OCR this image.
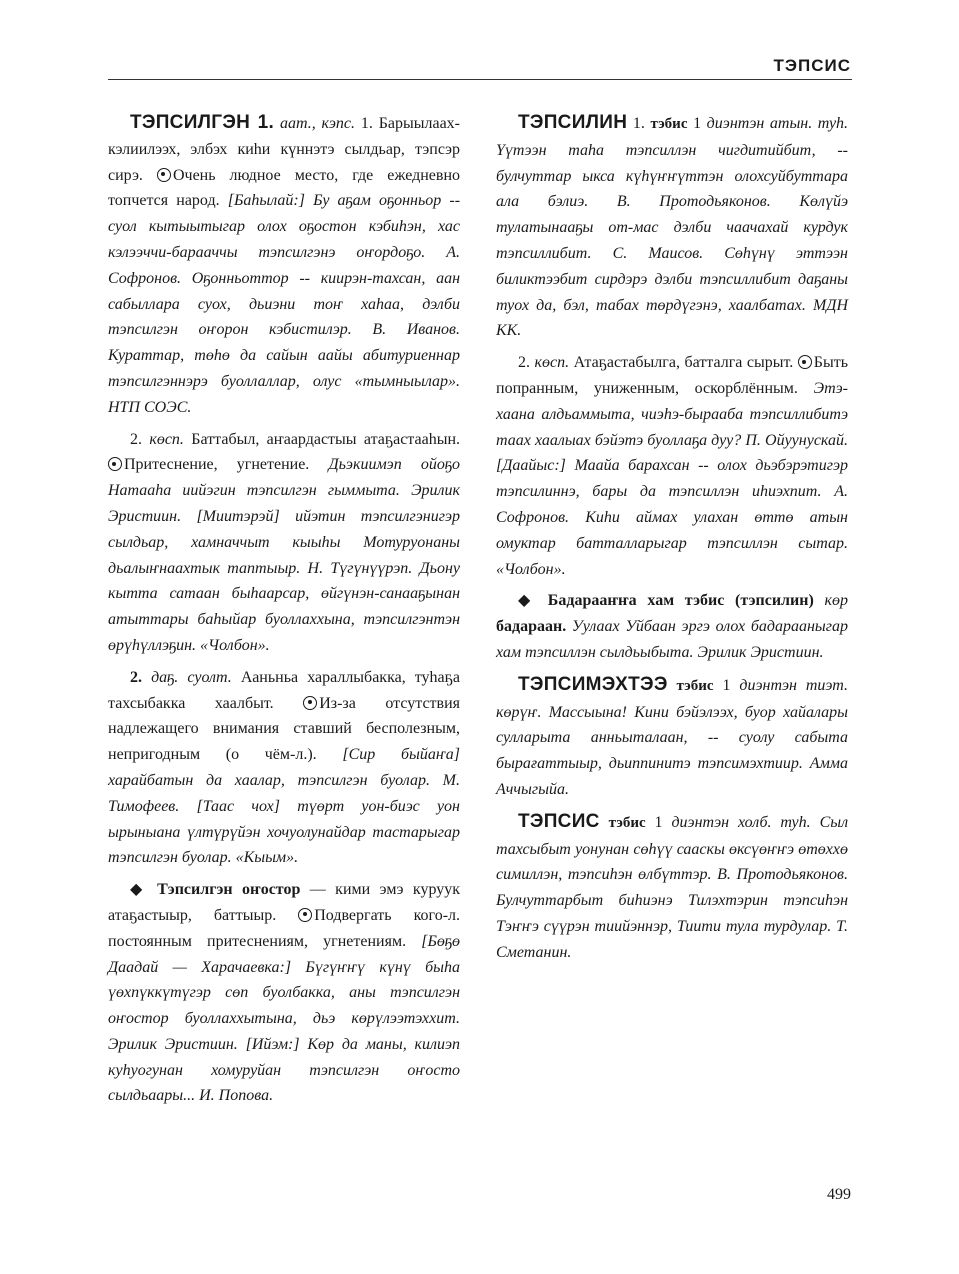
ТЭПСИС

ТЭПСИЛГЭН 1. аат., кэпс. 1. Барыылаах-кэлиилээх, элбэх киһи күннэтэ сылдьар, тэпсэр сирэ. Очень людное место, где ежедневно топчется народ. [Баһылай:] Бу аҕам оҕонньор -- суол кытыытыгар олох оҕостон кэбиһэн, хас кэлээччи-барааччы тэпсилгэнэ оҥордоҕо. А. Софронов. Оҕонньоттор -- киирэн-тахсан, аан сабыллара суох, дьиэни тоҥ хаһаа, дэлби тэпсилгэн оҥорон кэбистилэр. В. Иванов. Кураттар, төһө да сайын аайы абитуриеннар тэпсилгэннэрэ буоллаллар, олус «тымныылар». НТП СОЭС.

2. көсп. Баттабыл, аҥаардастыы атаҕастааһын. Притеснение, угнетение. Дьэкиимэп ойоҕо Натааһа иийэгин тэпсилгэн гыммыта. Эрилик Эристиин. [Миитэрэй] ийэтин тэпсилгэнигэр сылдьар, хамначчыт кыыһы Мотуруонаны дьалыҥнаахтык таптыыр. Н. Түгүнүүрэп. Дьону кытта сатаан быһаарсар, өйгүнэн-санааҕынан атыттары баһыйар буоллаххына, тэпсилгэнтэн өрүһүллэҕин. «Чолбон».

2. даҕ. суолт. Ааньньа хараллыбакка, туһаҕа тахсыбакка хаалбыт.	Из-за отсутствия надлежащего внимания ставший бесполезным, непригодным (о чём-л.). [Сир быйаҥа] харайбатын да хаалар, тэпсилгэн буолар. М. Тимофеев. [Таас чох] түөрт уон-биэс уон ырыныана үлтүрүйэн хочуолунайдар тастарыгар тэпсилгэн буолар. «Кыым».

◆ Тэпсилгэн оҥостор — кими эмэ куруук атаҕастыыр, баттыыр. Подвергать кого-л. постоянным притеснениям, угнетениям. [Бөҕө Даадай — Харачаевка:] Бүгүҥҥү күнү быһа үөхпүккүтүгэр сөп буолбакка, аны тэпсилгэн оҥостор буоллаххытына, дьэ көрүлээтэххит. Эрилик Эристиин. [Ийэм:] Көр да маны, килиэп куһуогунан хомуруйан тэпсилгэн оҥосто сылдьаары... И. Попова.

ТЭПСИЛИН 1. тэбис 1 диэнтэн атын. туһ. Үүтээн таһа тэпсиллэн чигдитийбит, -- булчуттар ыкса күһүҥҥүттэн олохсуйбуттара ала бэлиэ. В. Протодьяконов. Көлүйэ тулатынааҕы от-мас дэлби чаачахай курдук тэпсиллибит. С. Маисов. Сөһүнү эттээн биликтээбит сирдэрэ дэлби тэпсиллибит даҕаны туох да, бэл, табах төрдүгэнэ, хаалбатах. МДН КК.

2. көсп. Атаҕастабылга, батталга сырыт. Быть попранным, униженным, оскорблённым. Этэ-хаана алдьаммыта, чиэһэ-бырааба тэпсиллибитэ таах хаалыах бэйэтэ буоллаҕа дуу? П. Ойуунускай. [Даайыс:] Маайа барахсан -- олох дьэбэрэтигэр тэпсилиннэ, бары да тэпсиллэн иһиэхпит. А. Софронов. Киһи аймах улахан өттө атын омуктар батталларыгар тэпсиллэн сытар. «Чолбон».

◆ Бадарааҥҥа хам тэбис (тэпсилин) көр бадараан. Уулаах Уйбаан эргэ олох бадарааныгар хам тэпсиллэн сылдьыбыта. Эрилик Эристиин.

ТЭПСИМЭХТЭЭ тэбис 1 диэнтэн тиэт. көрүҥ. Массыына! Кини бэйэлээх, буор хайалары сулларыта анньыталаан, -- суолу сабыта бырағаттыыр, дьиппинитэ тэпсимэхтиир. Амма Аччыгыйа.

ТЭПСИС тэбис 1 диэнтэн холб. туһ. Сыл тахсыбыт уонунан сөһүү сааскы өксүөҥҥэ өтөххө симиллэн, тэпсиһэн өлбүттэр. В. Протодьяконов. Булчуттарбыт биһиэнэ Тилэхтэрин тэпсиһэн Тэҥҥэ сүүрэн тиийэннэр, Тиити тула турдулар. Т. Сметанин.

499
